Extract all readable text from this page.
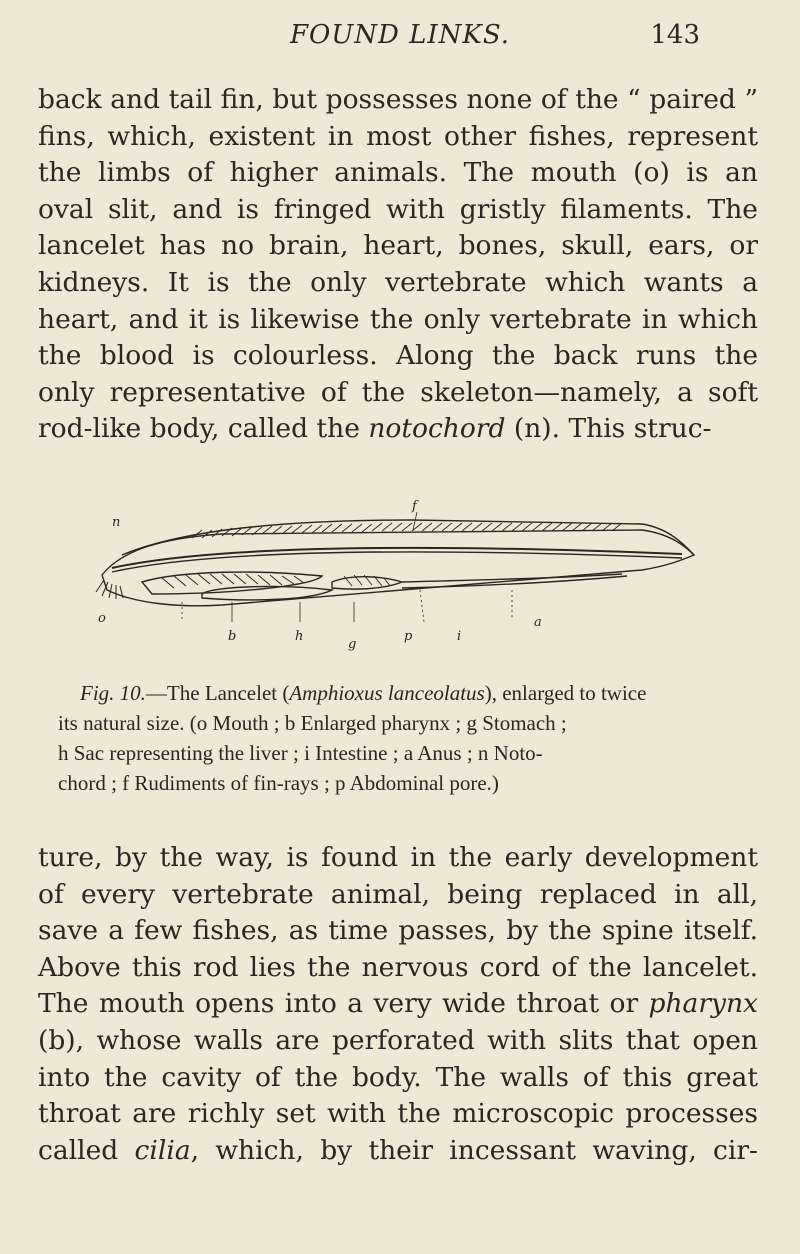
FOUND LINKS.	143
back and tail fin, but possesses none of the “ paired ”
fins, which, existent in most other fishes, represent
the limbs of higher animals. The mouth (o) is an
oval slit, and is fringed with gristly filaments. The
lancelet has no brain, heart, bones, skull, ears, or
kidneys. It is the only vertebrate which wants a
heart, and it is likewise the only vertebrate in which
the blood is colourless. Along the back runs the
only representative of the skeleton—namely, a soft
rod-like body, called the notochord (n). This struc-
f
n
o
b	h
g
p	i
a
Fig. 10.—The Lancelet (Amphioxus lanceolatus), enlarged to twice
its natural size. (o Mouth ; b Enlarged pharynx ; g Stomach ;
h Sac representing the liver ; i Intestine ; a Anus ; n Noto-
chord ; f Rudiments of fin-rays ; p Abdominal pore.)
ture, by the way, is found in the early development
of every vertebrate animal, being replaced in all,
save a few fishes, as time passes, by the spine itself.
Above this rod lies the nervous cord of the lancelet.
The mouth opens into a very wide throat or pharynx
(b), whose walls are perforated with slits that open
into the cavity of the body. The walls of this great
throat are richly set with the microscopic processes
called cilia, which, by their incessant waving, cir-
